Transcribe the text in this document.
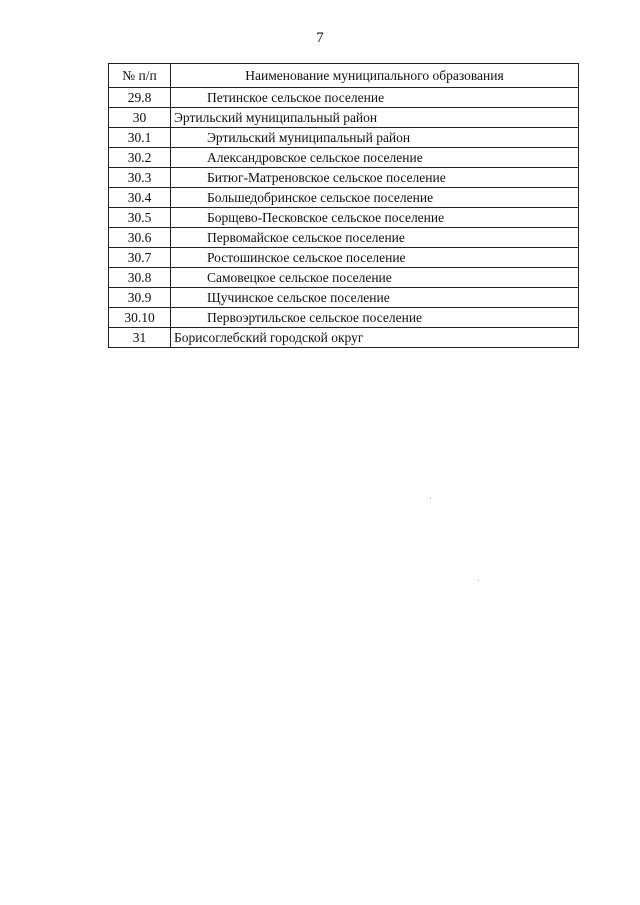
7
№ п/п	Наименование муниципального образования
29.8	Петинское сельское поселение
30	Эртильский муниципальный район
30.1	Эртильский муниципальный район
30.2	Александровское сельское поселение
30.3	Битюг-Матреновское сельское поселение
30.4	Большедобринское сельское поселение
30.5	Борщево-Песковское сельское поселение
30.6	Первомайское сельское поселение
30.7	Ростошинское сельское поселение
30.8	Самовецкое сельское поселение
30.9	Щучинское сельское поселение
30.10	Первоэртильское сельское поселение
31	Борисоглебский городской округ
